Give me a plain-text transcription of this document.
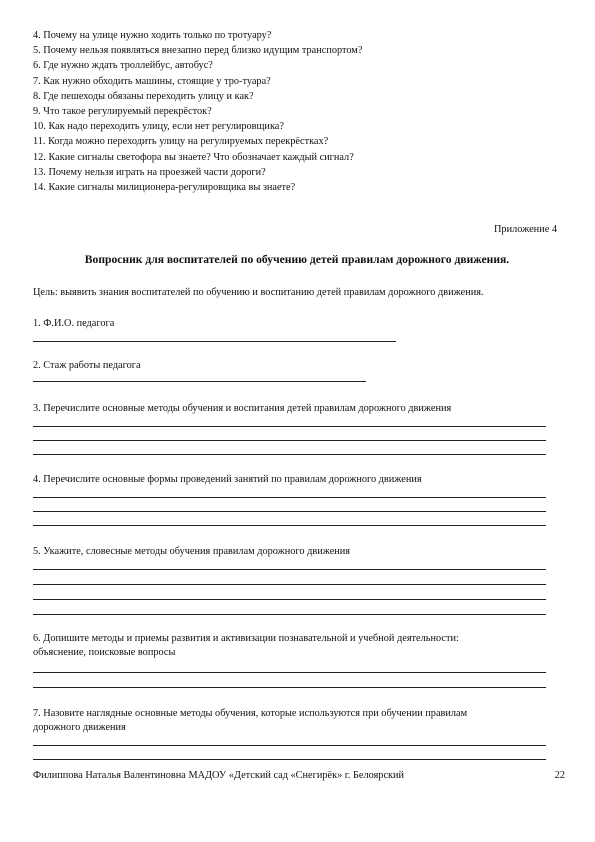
4. Почему на улице нужно ходить только по тротуару?
5. Почему нельзя появляться внезапно перед близко идущим транспортом?
6. Где нужно ждать троллейбус, автобус?
7. Как нужно обходить машины, стоящие у тро-туара?
8. Где пешеходы обязаны переходить улицу и как?
9. Что такое регулируемый перекрёсток?
10. Как надо переходить улицу, если нет регулировщика?
11. Когда можно переходить улицу на регулируемых перекрёстках?
12. Какие сигналы светофора вы знаете? Что обозначает каждый сигнал?
13. Почему нельзя играть на проезжей части дороги?
14. Какие сигналы милиционера-регулировщика вы знаете?
Приложение 4
Вопросник для воспитателей по обучению детей правилам дорожного движения.
Цель: выявить знания воспитателей по обучению и воспитанию детей правилам дорожного движения.
1. Ф.И.О. педагога
2. Стаж работы педагога
3. Перечислите основные методы обучения и воспитания детей правилам дорожного движения
4. Перечислите основные формы проведений занятий по правилам дорожного движения
5. Укажите, словесные методы обучения правилам дорожного движения
6. Допишите методы и приемы развития и активизации познавательной и учебной деятельности:
объяснение, поисковые вопросы
7. Назовите наглядные основные методы обучения, которые используются при обучении правилам
дорожного движения
Филиппова Наталья Валентиновна МАДОУ «Детский сад «Снегирёк» г. Белоярский	22
